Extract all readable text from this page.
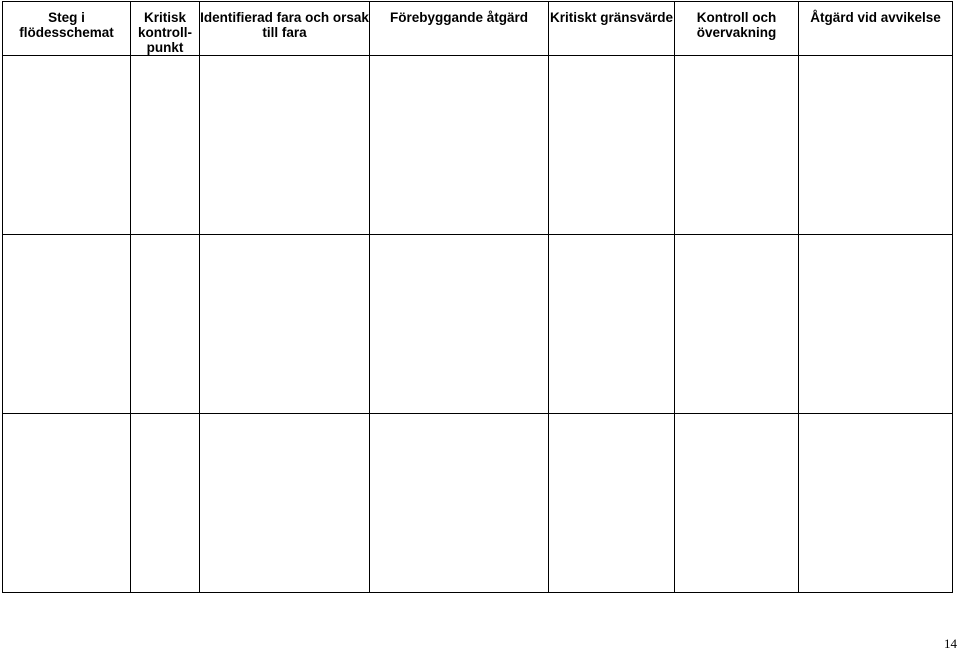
Steg i flödesschemat	Kritisk kontroll-punkt	Identifierad fara och orsak till fara	Förebyggande åtgärd	Kritiskt gränsvärde	Kontroll och övervakning	Åtgärd vid avvikelse

14
